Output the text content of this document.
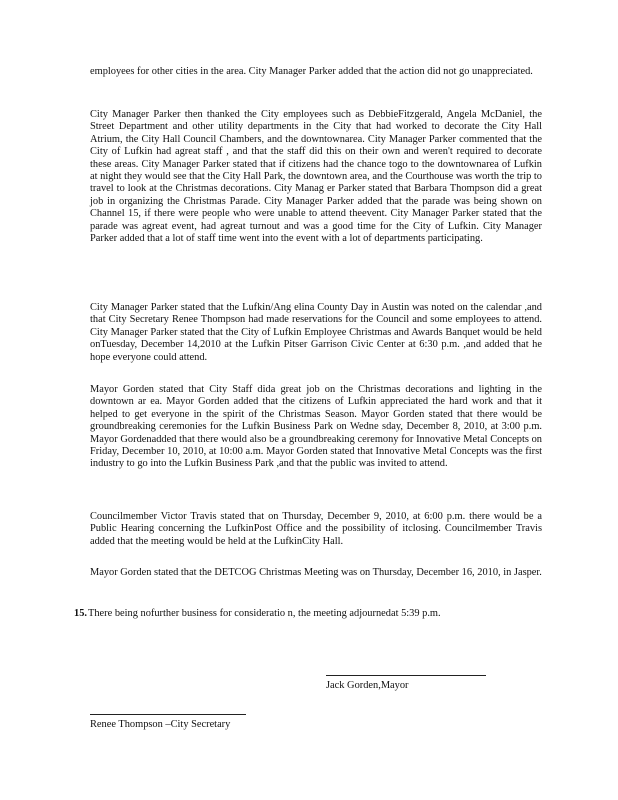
employees for other cities in the area. City Manager Parker added that the action did not go unappreciated.

City Manager Parker then thanked the City employees such as DebbieFitzgerald, Angela McDaniel, the Street Department and other utility departments in the City that had worked to decorate the City Hall Atrium, the City Hall Council Chambers, and the downtownarea. City Manager Parker commented that the City of Lufkin had agreat staff , and that the staff did this on their own and weren't required to decorate these areas. City Manager Parker stated that if citizens had the chance togo to the downtownarea of Lufkin at night they would see that the City Hall Park, the downtown area, and the Courthouse was worth the trip to travel to look at the Christmas decorations. City Manag er Parker stated that Barbara Thompson did a great job in organizing the Christmas Parade. City Manager Parker added that the parade was being shown on Channel 15, if there were people who were unable to attend theevent. City Manager Parker stated that the parade was agreat event, had agreat turnout and was a good time for the City of Lufkin. City Manager Parker added that a lot of staff time went into the event with a lot of departments participating.

City Manager Parker stated that the Lufkin/Ang elina County Day in Austin was noted on the calendar ,and that City Secretary Renee Thompson had made reservations for the Council and some employees to attend. City Manager Parker stated that the City of Lufkin Employee Christmas and Awards Banquet would be held onTuesday, December 14,2010 at the Lufkin Pitser Garrison Civic Center at 6:30 p.m. ,and added that he hope everyone could attend.

Mayor Gorden stated that City Staff dida great job on the Christmas decorations and lighting in the downtown ar ea. Mayor Gorden added that the citizens of Lufkin appreciated the hard work and that it helped to get everyone in the spirit of the Christmas Season. Mayor Gorden stated that there would be groundbreaking ceremonies for the Lufkin Business Park on Wedne sday, December 8, 2010, at 3:00 p.m. Mayor Gordenadded that there would also be a groundbreaking ceremony for Innovative Metal Concepts on Friday, December 10, 2010, at 10:00 a.m. Mayor Gorden stated that Innovative Metal Concepts was the first industry to go into the Lufkin Business Park ,and that the public was invited to attend.

Councilmember Victor Travis stated that on Thursday, December 9, 2010, at 6:00 p.m. there would be a Public Hearing concerning the LufkinPost Office and the possibility of itclosing. Councilmember Travis added that the meeting would be held at the LufkinCity Hall.

Mayor Gorden stated that the DETCOG Christmas Meeting was on Thursday, December 16, 2010, in Jasper.

15.There being nofurther business for consideratio n, the meeting adjournedat 5:39 p.m.
Jack Gorden,Mayor
Renee Thompson –City Secretary
